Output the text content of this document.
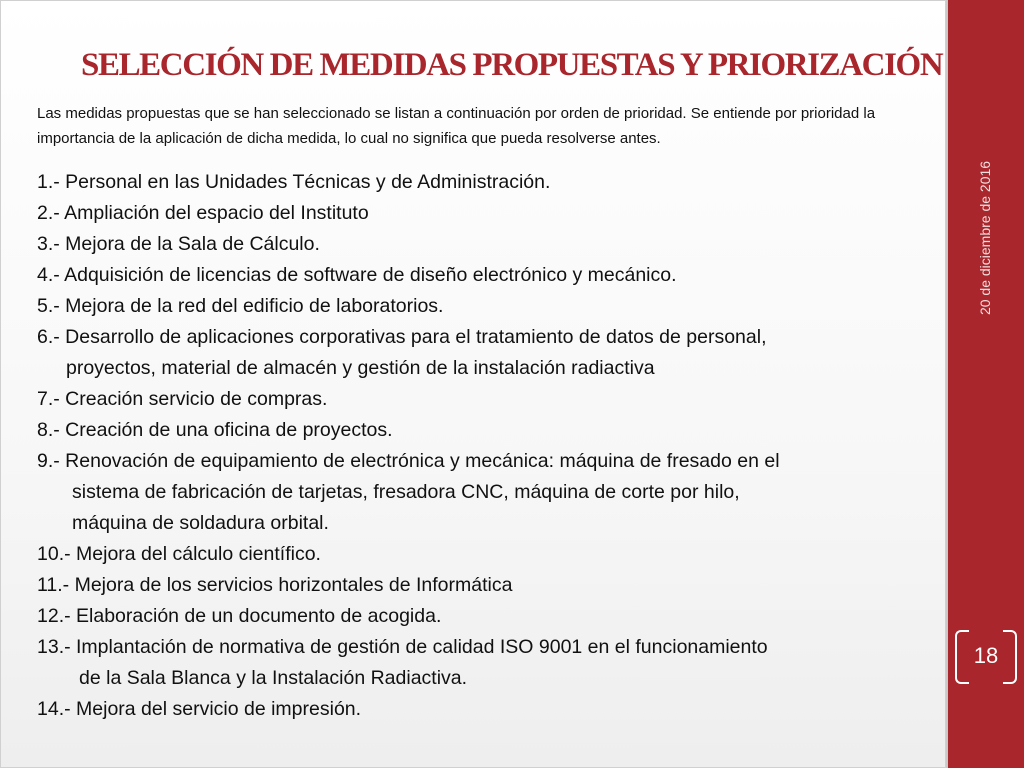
SELECCIÓN DE MEDIDAS PROPUESTAS Y PRIORIZACIÓN

Las medidas propuestas que se han seleccionado se listan a continuación por orden de prioridad. Se entiende por prioridad la importancia de la aplicación de dicha medida, lo cual no significa que pueda resolverse antes.

1.- Personal en las Unidades Técnicas y de Administración.
2.- Ampliación del espacio del Instituto
3.- Mejora de la Sala de Cálculo.
4.- Adquisición de licencias de software de diseño electrónico y mecánico.
5.- Mejora de la red del edificio de laboratorios.
6.- Desarrollo de aplicaciones corporativas para el tratamiento de datos de personal,
proyectos, material de almacén y gestión de la instalación radiactiva
7.- Creación servicio de compras.
8.- Creación de una oficina de proyectos.
9.- Renovación de equipamiento de electrónica y mecánica: máquina de fresado en el
sistema de fabricación de tarjetas, fresadora CNC, máquina de corte por hilo,
máquina de soldadura orbital.
10.- Mejora del cálculo científico.
11.- Mejora de los servicios horizontales de Informática
12.- Elaboración de un documento de acogida.
13.- Implantación de normativa de gestión de calidad ISO 9001 en el funcionamiento
de la Sala Blanca y la Instalación Radiactiva.
14.- Mejora del servicio de impresión.
20 de diciembre de 2016
18
